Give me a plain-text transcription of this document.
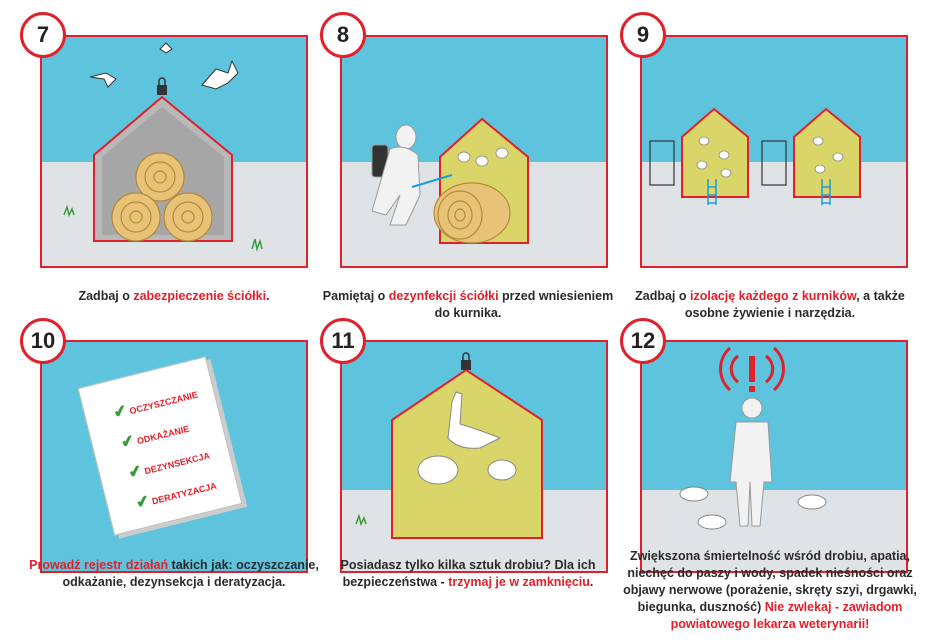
7
Zadbaj o zabezpieczenie ściółki.
8
Pamiętaj o dezynfekcji ściółki przed wniesieniem do kurnika.
9
Zadbaj o izolację każdego z kurników, a także osobne żywienie i narzędzia.
✔ OCZYSZCZANIE
✔ ODKAŻANIE
✔ DEZYNSEKCJA
✔ DERATYZACJA
10
Prowadź rejestr działań takich jak: oczyszczanie, odkażanie, dezynsekcja i deratyzacja.
11
Posiadasz tylko kilka sztuk drobiu? Dla ich bezpieczeństwa - trzymaj je w zamknięciu.
12
Zwiększona śmiertelność wśród drobiu, apatia, niechęć do paszy i wody, spadek nieśności oraz objawy nerwowe (porażenie, skręty szyi, drgawki, biegunka, duszność) Nie zwlekaj - zawiadom powiatowego lekarza weterynarii!
